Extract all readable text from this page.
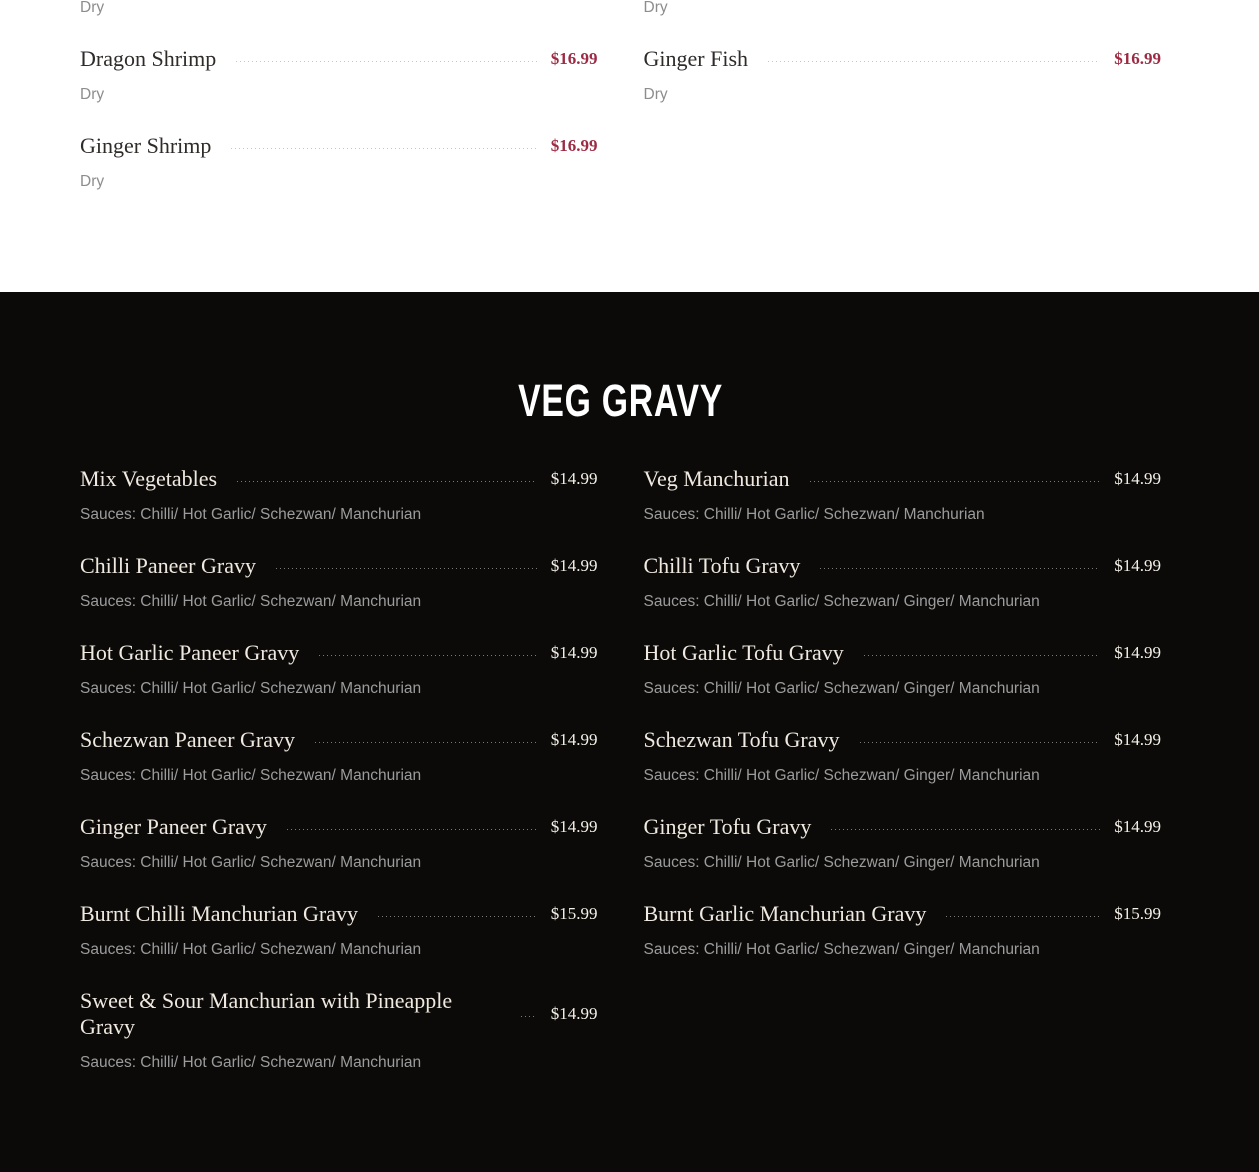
Dry

Dragon Shrimp	$16.99

Dry

Ginger Shrimp	$16.99

Dry

Dry

Ginger Fish	$16.99

Dry

VEG GRAVY
Mix Vegetables	$14.99

Sauces: Chilli/ Hot Garlic/ Schezwan/ Manchurian

Chilli Paneer Gravy	$14.99

Sauces: Chilli/ Hot Garlic/ Schezwan/ Manchurian

Hot Garlic Paneer Gravy	$14.99

Sauces: Chilli/ Hot Garlic/ Schezwan/ Manchurian

Schezwan Paneer Gravy	$14.99

Sauces: Chilli/ Hot Garlic/ Schezwan/ Manchurian

Ginger Paneer Gravy	$14.99

Sauces: Chilli/ Hot Garlic/ Schezwan/ Manchurian

Burnt Chilli Manchurian Gravy	$15.99

Sauces: Chilli/ Hot Garlic/ Schezwan/ Manchurian

Sweet & Sour Manchurian with Pineapple Gravy
$14.99

Sauces: Chilli/ Hot Garlic/ Schezwan/ Manchurian

Veg Manchurian	$14.99

Sauces: Chilli/ Hot Garlic/ Schezwan/ Manchurian

Chilli Tofu Gravy	$14.99

Sauces: Chilli/ Hot Garlic/ Schezwan/ Ginger/ Manchurian

Hot Garlic Tofu Gravy	$14.99

Sauces: Chilli/ Hot Garlic/ Schezwan/ Ginger/ Manchurian

Schezwan Tofu Gravy	$14.99

Sauces: Chilli/ Hot Garlic/ Schezwan/ Ginger/ Manchurian

Ginger Tofu Gravy	$14.99

Sauces: Chilli/ Hot Garlic/ Schezwan/ Ginger/ Manchurian

Burnt Garlic Manchurian Gravy	$15.99

Sauces: Chilli/ Hot Garlic/ Schezwan/ Ginger/ Manchurian
